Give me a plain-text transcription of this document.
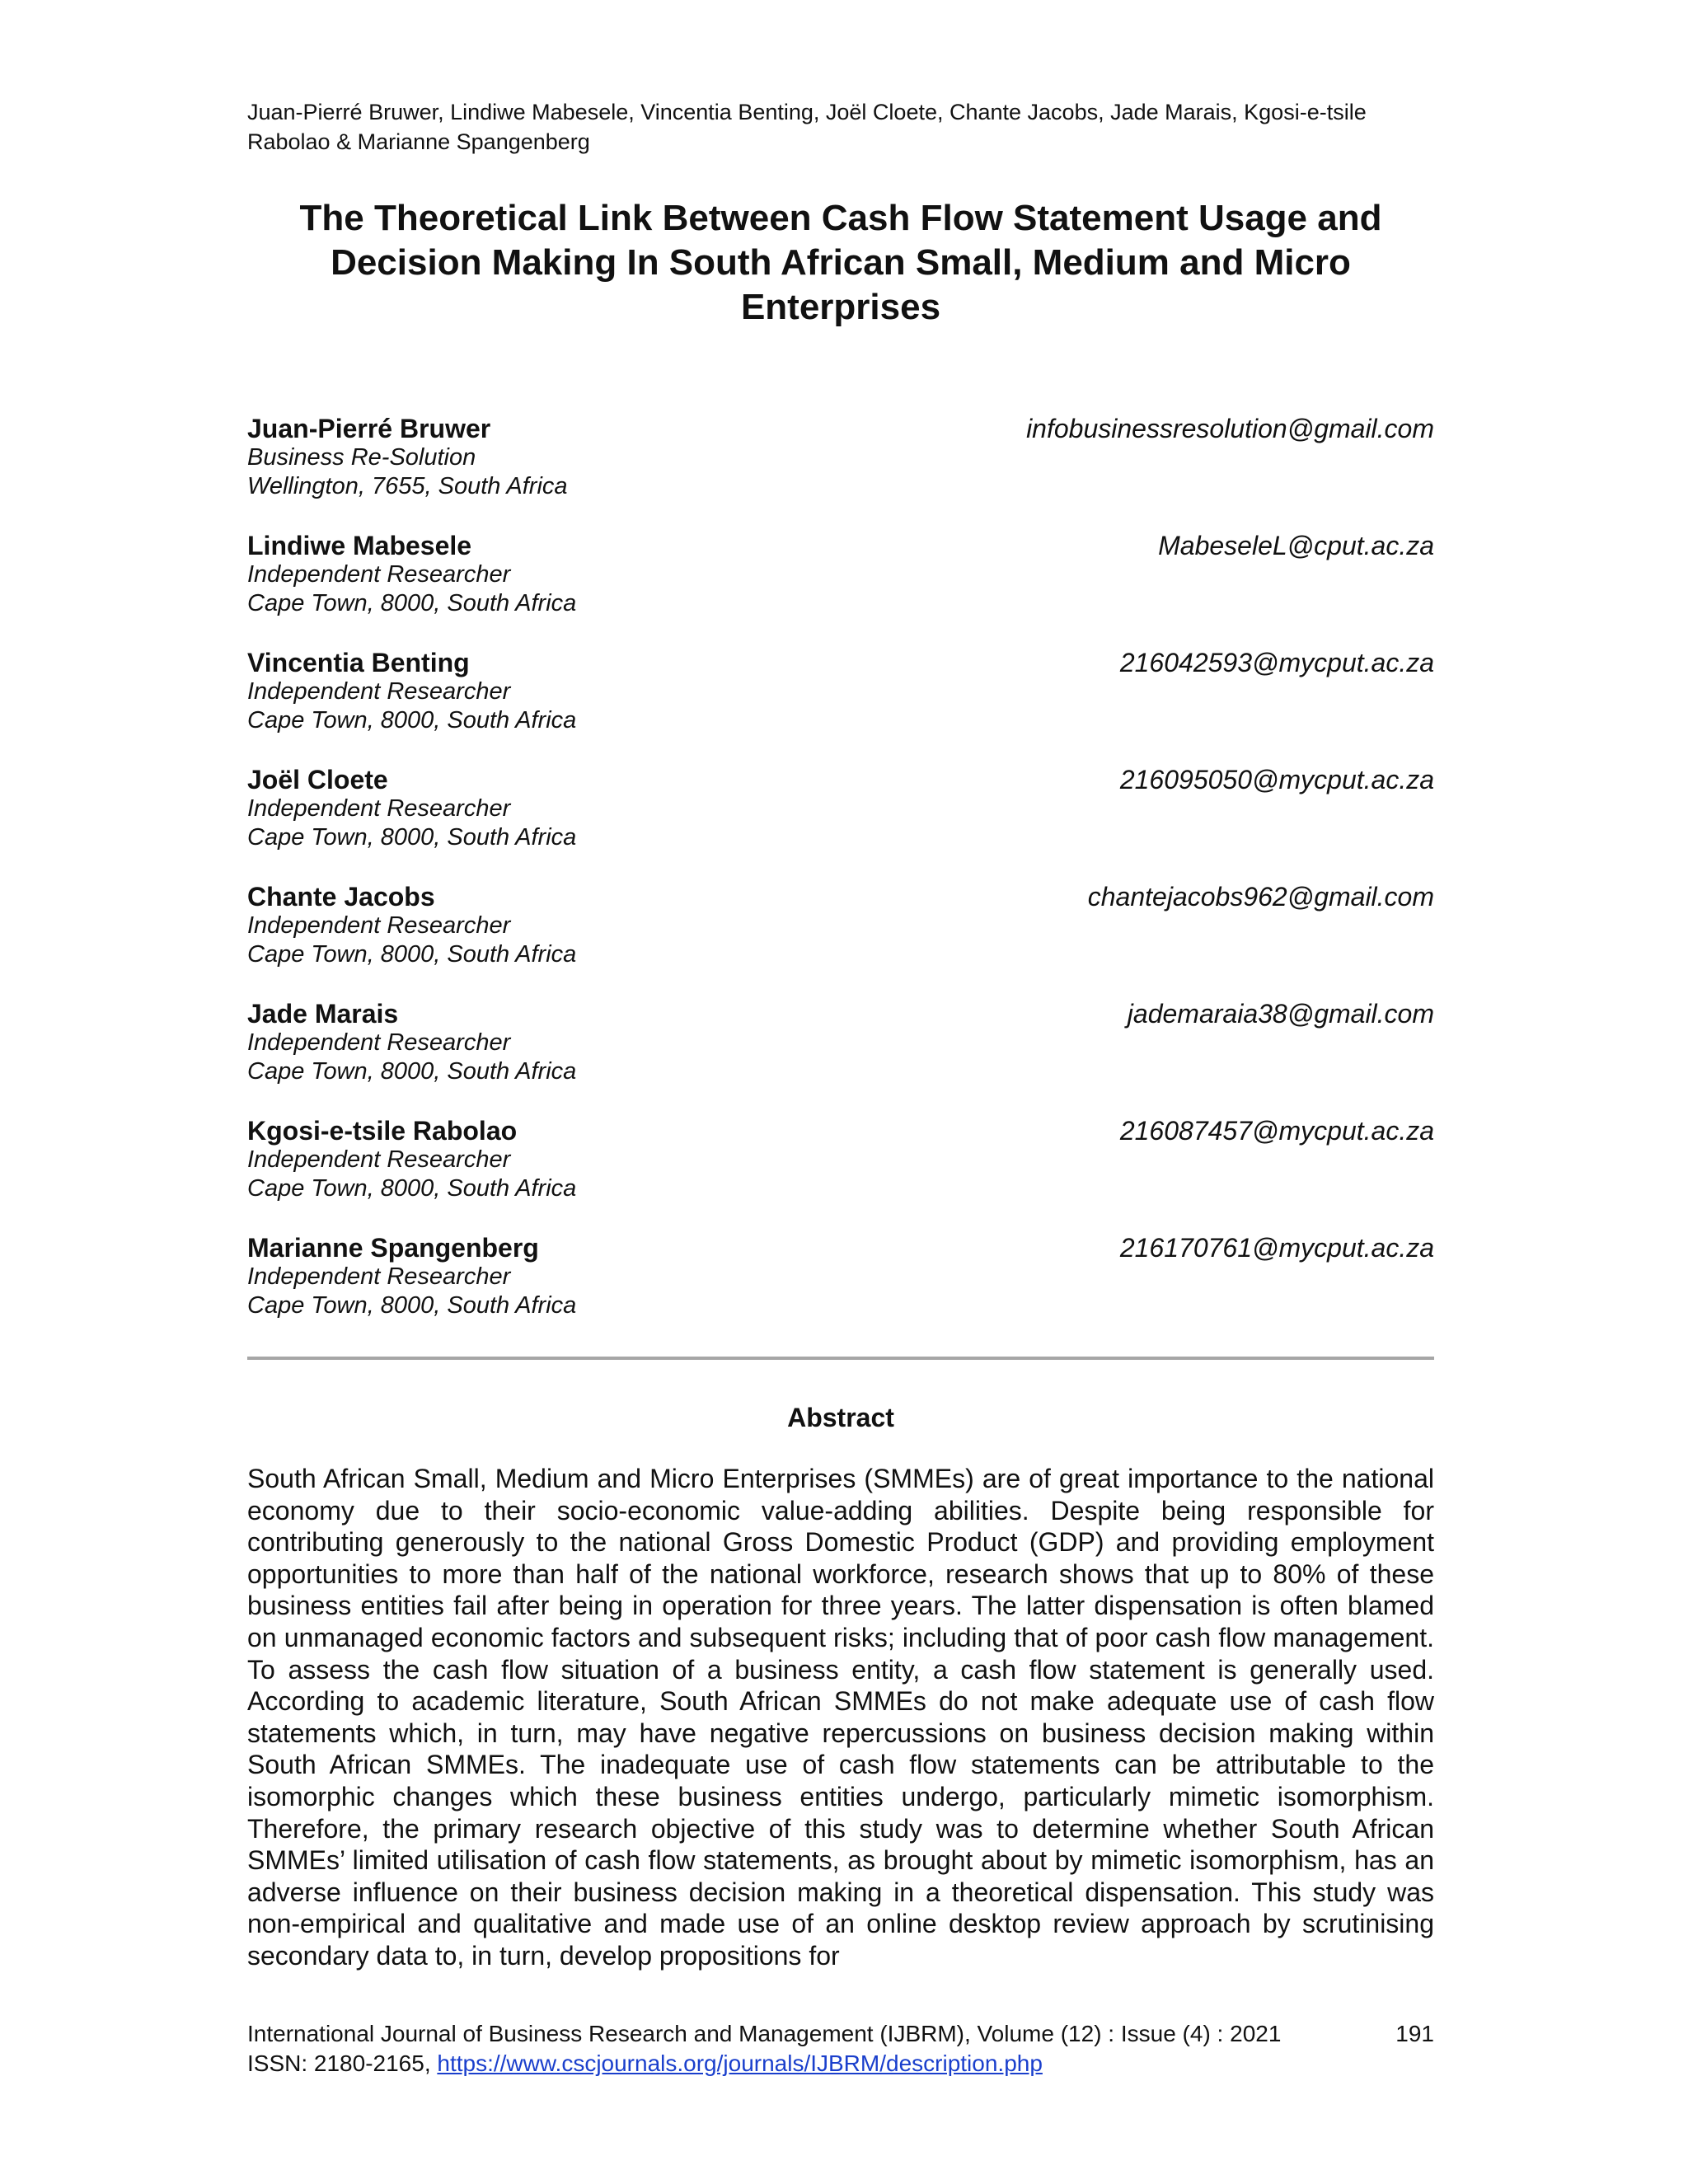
Juan-Pierré Bruwer, Lindiwe Mabesele, Vincentia Benting, Joël Cloete, Chante Jacobs, Jade Marais, Kgosi-e-tsile Rabolao & Marianne Spangenberg
The Theoretical Link Between Cash Flow Statement Usage and Decision Making In South African Small, Medium and Micro Enterprises
Juan-Pierré Bruwer
Business Re-Solution
Wellington, 7655, South Africa
infobusinessresolution@gmail.com
Lindiwe Mabesele
Independent Researcher
Cape Town, 8000, South Africa
MabeseleL@cput.ac.za
Vincentia Benting
Independent Researcher
Cape Town, 8000, South Africa
216042593@mycput.ac.za
Joël Cloete
Independent Researcher
Cape Town, 8000, South Africa
216095050@mycput.ac.za
Chante Jacobs
Independent Researcher
Cape Town, 8000, South Africa
chantejacobs962@gmail.com
Jade Marais
Independent Researcher
Cape Town, 8000, South Africa
jademaraia38@gmail.com
Kgosi-e-tsile Rabolao
Independent Researcher
Cape Town, 8000, South Africa
216087457@mycput.ac.za
Marianne Spangenberg
Independent Researcher
Cape Town, 8000, South Africa
216170761@mycput.ac.za
Abstract
South African Small, Medium and Micro Enterprises (SMMEs) are of great importance to the national economy due to their socio-economic value-adding abilities. Despite being responsible for contributing generously to the national Gross Domestic Product (GDP) and providing employment opportunities to more than half of the national workforce, research shows that up to 80% of these business entities fail after being in operation for three years. The latter dispensation is often blamed on unmanaged economic factors and subsequent risks; including that of poor cash flow management. To assess the cash flow situation of a business entity, a cash flow statement is generally used. According to academic literature, South African SMMEs do not make adequate use of cash flow statements which, in turn, may have negative repercussions on business decision making within South African SMMEs. The inadequate use of cash flow statements can be attributable to the isomorphic changes which these business entities undergo, particularly mimetic isomorphism. Therefore, the primary research objective of this study was to determine whether South African SMMEs’ limited utilisation of cash flow statements, as brought about by mimetic isomorphism, has an adverse influence on their business decision making in a theoretical dispensation. This study was non-empirical and qualitative and made use of an online desktop review approach by scrutinising secondary data to, in turn, develop propositions for
International Journal of Business Research and Management (IJBRM), Volume (12) : Issue (4) : 2021	191
ISSN: 2180-2165, https://www.cscjournals.org/journals/IJBRM/description.php
